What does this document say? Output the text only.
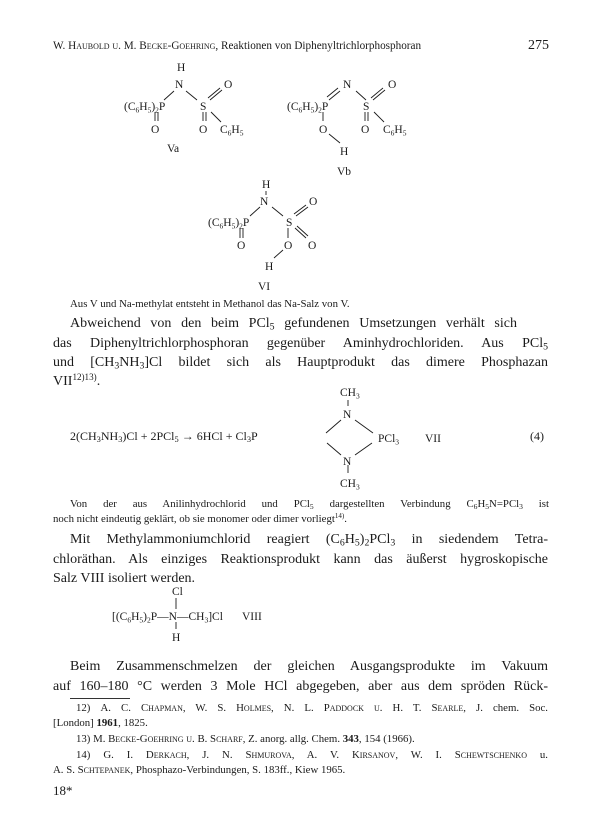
W. Haubold u. M. Becke-Goehring, Reaktionen von Diphenyltrichlorphosphoran	275
H
N	O
$(C_6H_5)_2P$	S
O	O $C_6H_5$
Va
N	O
$(C_6H_5)_2P$	S
O	O $C_6H_5$
H
Vb
H
N	O
$(C_6H_5)_2P$	S
O	O O
H
VI
$CH_3$
N
N
$CH_3$
PCl$_3$ VII
Cl
$[(C_6H_5)_2P—N—CH_3]Cl$ VIII
H
Aus V und Na-methylat entsteht in Methanol das Na-Salz von V.
Abweichend von den beim PCl$_5$ gefundenen Umsetzungen verhält sich
das Diphenyltrichlorphosphoran gegenüber Aminhydrochloriden. Aus PCl$_5$
und $[CH_3NH_3]Cl$ bildet sich als Hauptprodukt das dimere Phosphazan
$VII^{12)13)}$.
$2(CH_3NH_3)Cl + 2PCl_5 \to 6HCl + Cl_3P$	(4)
Von der aus Anilinhydrochlorid und PCl$_5$ dargestellten Verbindung $C_6H_5N=PCl_3$ ist
noch nicht eindeutig geklärt, ob sie monomer oder dimer vorliegt$^{14)}$.
Mit Methylammoniumchlorid reagiert $(C_6H_5)_2PCl_3$ in siedendem Tetra-
chloräthan. Als einziges Reaktionsprodukt kann das äußerst hygroskopische
Salz VIII isoliert werden.
Beim Zusammenschmelzen der gleichen Ausgangsprodukte im Vakuum
auf 160–180 °C werden 3 Mole HCl abgegeben, aber aus dem spröden Rück-
12) A. C. Chapman, W. S. Holmes, N. L. Paddock u. H. T. Searle, J. chem. Soc.
[London] 1961, 1825.
13) M. Becke-Goehring u. B. Scharf, Z. anorg. allg. Chem. 343, 154 (1966).
14) G. I. Derkach, J. N. Shmurova, A. V. Kirsanov, W. I. Schewtschenko u.
A. S. Schtepanek, Phosphazo-Verbindungen, S. 183ff., Kiew 1965.
18*
